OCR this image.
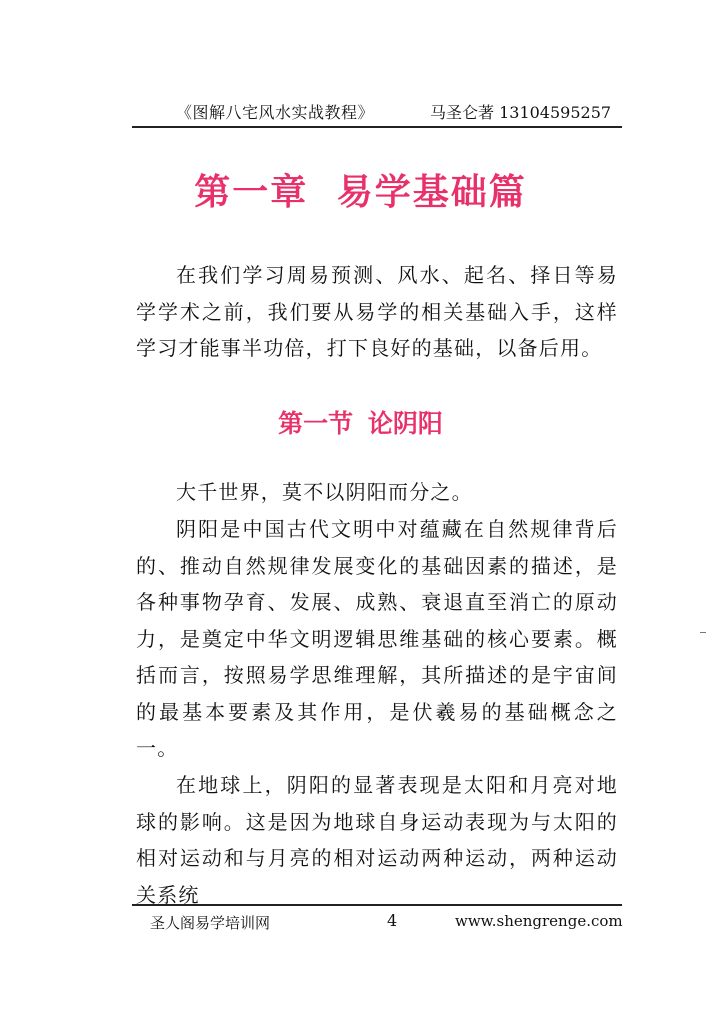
《图解八宅风水实战教程》	马圣仑著 13104595257
第一章 易学基础篇

在我们学习周易预测、风水、起名、择日等易学学术之前，我们要从易学的相关基础入手，这样学习才能事半功倍，打下良好的基础，以备后用。

第一节 论阴阳

大千世界，莫不以阴阳而分之。

阴阳是中国古代文明中对蕴藏在自然规律背后的、推动自然规律发展变化的基础因素的描述，是各种事物孕育、发展、成熟、衰退直至消亡的原动力，是奠定中华文明逻辑思维基础的核心要素。概括而言，按照易学思维理解，其所描述的是宇宙间的最基本要素及其作用，是伏羲易的基础概念之一。

在地球上，阴阳的显著表现是太阳和月亮对地球的影响。这是因为地球自身运动表现为与太阳的相对运动和与月亮的相对运动两种运动，两种运动关系统

圣人阁易学培训网	4	www.shengrenge.com
